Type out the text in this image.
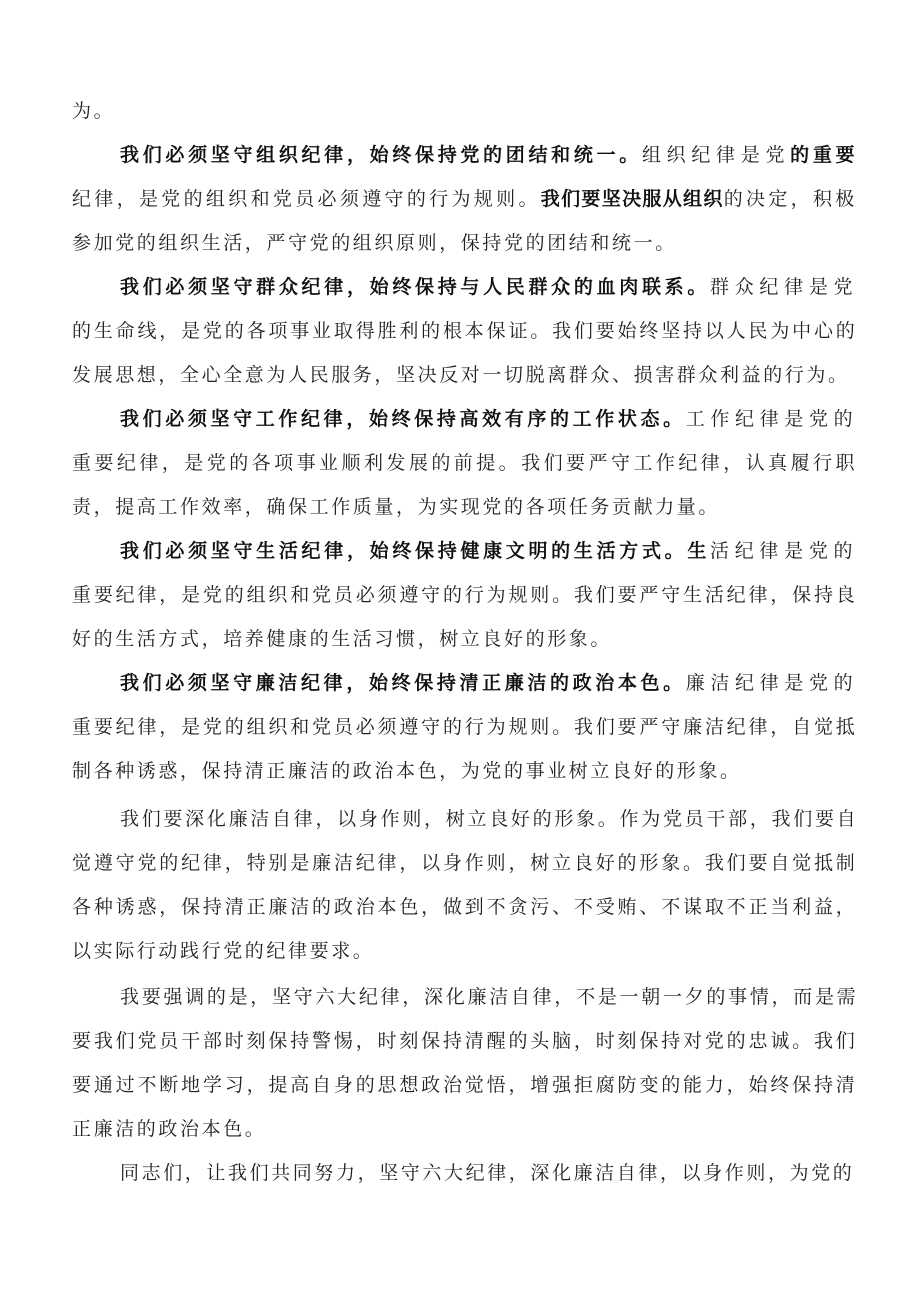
为。
我们必须坚守组织纪律，始终保持党的团结和统一。组织纪律是党的重要
纪律，是党的组织和党员必须遵守的行为规则。我们要坚决服从组织的决定，积极
参加党的组织生活，严守党的组织原则，保持党的团结和统一。
我们必须坚守群众纪律，始终保持与人民群众的血肉联系。群众纪律是党
的生命线，是党的各项事业取得胜利的根本保证。我们要始终坚持以人民为中心的
发展思想，全心全意为人民服务，坚决反对一切脱离群众、损害群众利益的行为。
我们必须坚守工作纪律，始终保持高效有序的工作状态。工作纪律是党的
重要纪律，是党的各项事业顺利发展的前提。我们要严守工作纪律，认真履行职
责，提高工作效率，确保工作质量，为实现党的各项任务贡献力量。
我们必须坚守生活纪律，始终保持健康文明的生活方式。生活纪律是党的
重要纪律，是党的组织和党员必须遵守的行为规则。我们要严守生活纪律，保持良
好的生活方式，培养健康的生活习惯，树立良好的形象。
我们必须坚守廉洁纪律，始终保持清正廉洁的政治本色。廉洁纪律是党的
重要纪律，是党的组织和党员必须遵守的行为规则。我们要严守廉洁纪律，自觉抵
制各种诱惑，保持清正廉洁的政治本色，为党的事业树立良好的形象。
我们要深化廉洁自律，以身作则，树立良好的形象。作为党员干部，我们要自
觉遵守党的纪律，特别是廉洁纪律，以身作则，树立良好的形象。我们要自觉抵制
各种诱惑，保持清正廉洁的政治本色，做到不贪污、不受贿、不谋取不正当利益，
以实际行动践行党的纪律要求。
我要强调的是，坚守六大纪律，深化廉洁自律，不是一朝一夕的事情，而是需
要我们党员干部时刻保持警惕，时刻保持清醒的头脑，时刻保持对党的忠诚。我们
要通过不断地学习，提高自身的思想政治觉悟，增强拒腐防变的能力，始终保持清
正廉洁的政治本色。
同志们，让我们共同努力，坚守六大纪律，深化廉洁自律，以身作则，为党的
